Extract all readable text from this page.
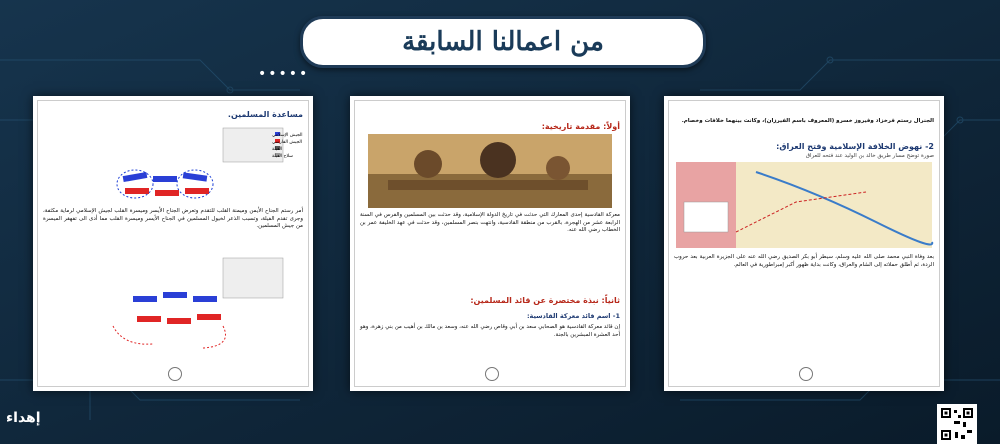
من اعمالنا السابقة
•••••
مساعدة المسلمين.
الجيش الإسلامي
الجيش الفارسي
الفيلة
سلاح الفيلة
أمر رستم الجناح الأيمن وميمنة القلب للتقدم وتعرض الجناح الأيسر وميسرة القلب لجيش الإسلامي لرماية مكثفة، وجرى تقدم الفيلة، وتسبب الذعر لخيول المسلمين في الجناح الأيسر وميسرة القلب مما أدى الى تفهقر الميسرة من جيش المسلمين.
أولاً: مقدمة تاريخية:
معركة القادسية إحدى المعارك التي حدثت في تاريخ الدولة الإسلامية، وقد حدثت بين المسلمين والفرس في السنة الرابعة عشر من الهجرة، بالقرب من منطقة القادسية، وانتهت بنصر المسلمين، وقد حدثت في عهد الخليفة عمر بن الخطاب رضي الله عنه.
ثانياً: نبذة مختصرة عن قائد المسلمين:
1- اسم قائد معركة القادسية:
إن قائد معركة القادسية هو الصحابي سعد بن أبي وقاص رضي الله عنه، وسعد بن مالك بن أهيب من بني زهرة، وهو أحد العشرة المبشرين بالجنة.
الجنرال رستم فرخزاد وفيروز خسرو (المعروف باسم الفيرزان)، وكانت بينهما خلافات وخصام.
2- نهوض الخلافة الإسلامية وفتح العراق:
صورة توضح مسار طريق خالد بن الوليد عند فتحه للعراق
بعد وفاة النبي محمد صلى الله عليه وسلم، سيطر أبو بكر الصديق رضي الله عنه على الجزيرة العربية بعد حروب الردة، ثم أطلق حملاته إلى الشام والعراق، وكانت بداية ظهور أكبر إمبراطورية في العالم.
إهداء
